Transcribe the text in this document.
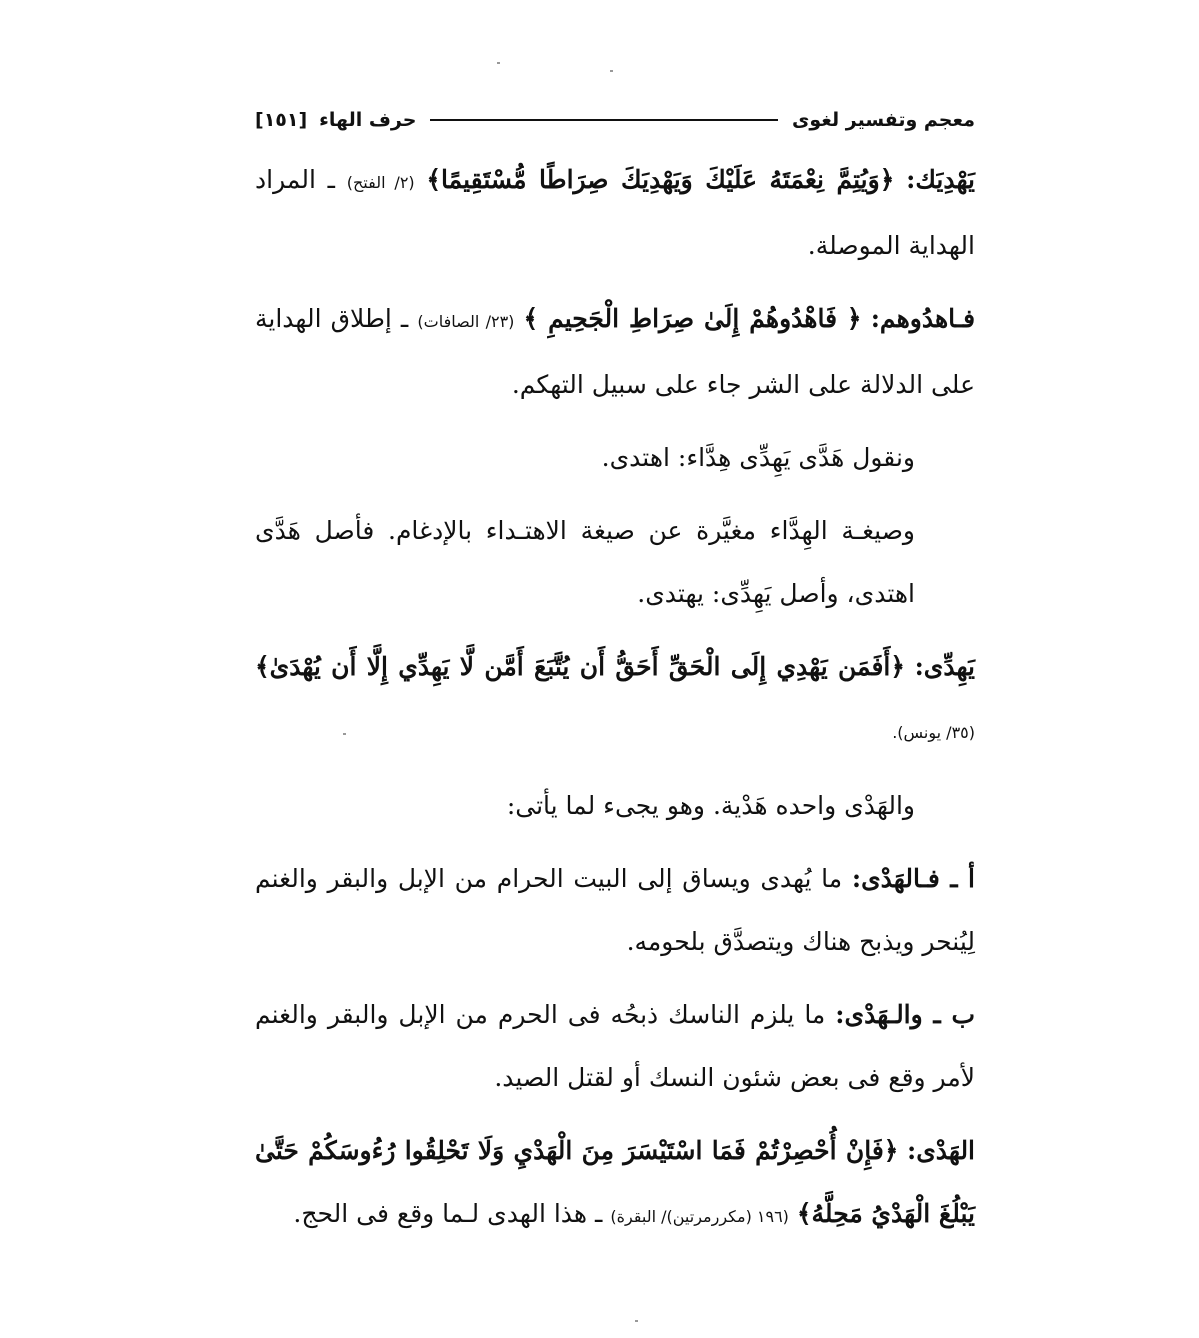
معجم وتفسير لغوى
حرف الهاء
[١٥١]

يَهْدِيَك: ﴿وَيُتِمَّ نِعْمَتَهُ عَلَيْكَ وَيَهْدِيَكَ صِرَاطًا مُّسْتَقِيمًا﴾ (٢/ الفتح) ـ المراد الهداية الموصلة.

فـاهدُوهم: ﴿ فَاهْدُوهُمْ إِلَىٰ صِرَاطِ الْجَحِيمِ ﴾ (٢٣/ الصافات) ـ إطلاق الهداية على الدلالة على الشر جاء على سبيل التهكم.

ونقول هَدَّى يَهِدِّى هِدَّاء: اهتدى.

وصيغـة الهِدَّاء مغيَّرة عن صيغة الاهتـداء بالإدغام. فأصل هَدَّى اهتدى، وأصل يَهِدِّى: يهتدى.

يَهِدِّى: ﴿أَفَمَن يَهْدِي إِلَى الْحَقِّ أَحَقُّ أَن يُتَّبَعَ أَمَّن لَّا يَهِدِّي إِلَّا أَن يُهْدَىٰ﴾ (٣٥/ يونس).

والهَدْى واحده هَدْية. وهو يجىء لما يأتى:

أ ـ فـالهَدْى: ما يُهدى ويساق إلى البيت الحرام من الإبل والبقر والغنم لِيُنحر ويذبح هناك ويتصدَّق بلحومه.

ب ـ والـهَدْى: ما يلزم الناسك ذبحُه فى الحرم من الإبل والبقر والغنم لأمر وقع فى بعض شئون النسك أو لقتل الصيد.

الهَدْى: ﴿فَإِنْ أُحْصِرْتُمْ فَمَا اسْتَيْسَرَ مِنَ الْهَدْيِ وَلَا تَحْلِقُوا رُءُوسَكُمْ حَتَّىٰ يَبْلُغَ الْهَدْيُ مَحِلَّهُ﴾ (١٩٦ (مكررمرتين)/ البقرة) ـ هذا الهدى لـما وقع فى الحج.
